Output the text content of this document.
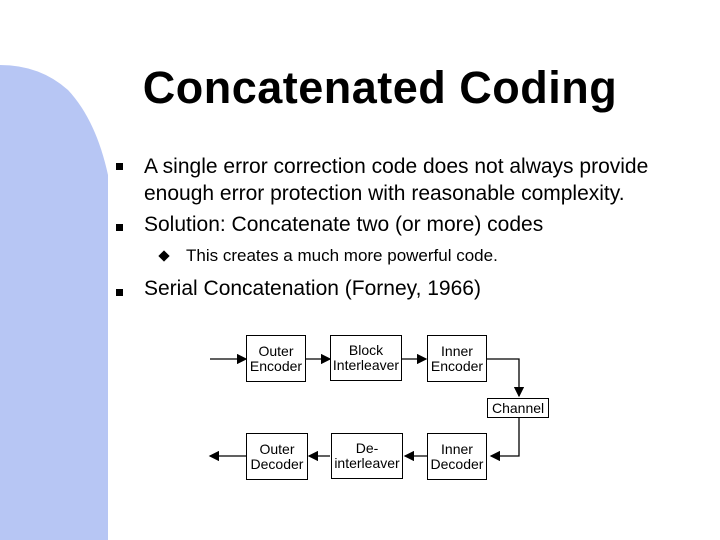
Concatenated Coding
A single error correction code does not always provide
enough error protection with reasonable complexity.
Solution: Concatenate two (or more) codes
This creates a much more powerful code.
Serial Concatenation (Forney, 1966)
Outer
Encoder
Block
Interleaver
Inner
Encoder
Channel
Outer
Decoder
De-
interleaver
Inner
Decoder
